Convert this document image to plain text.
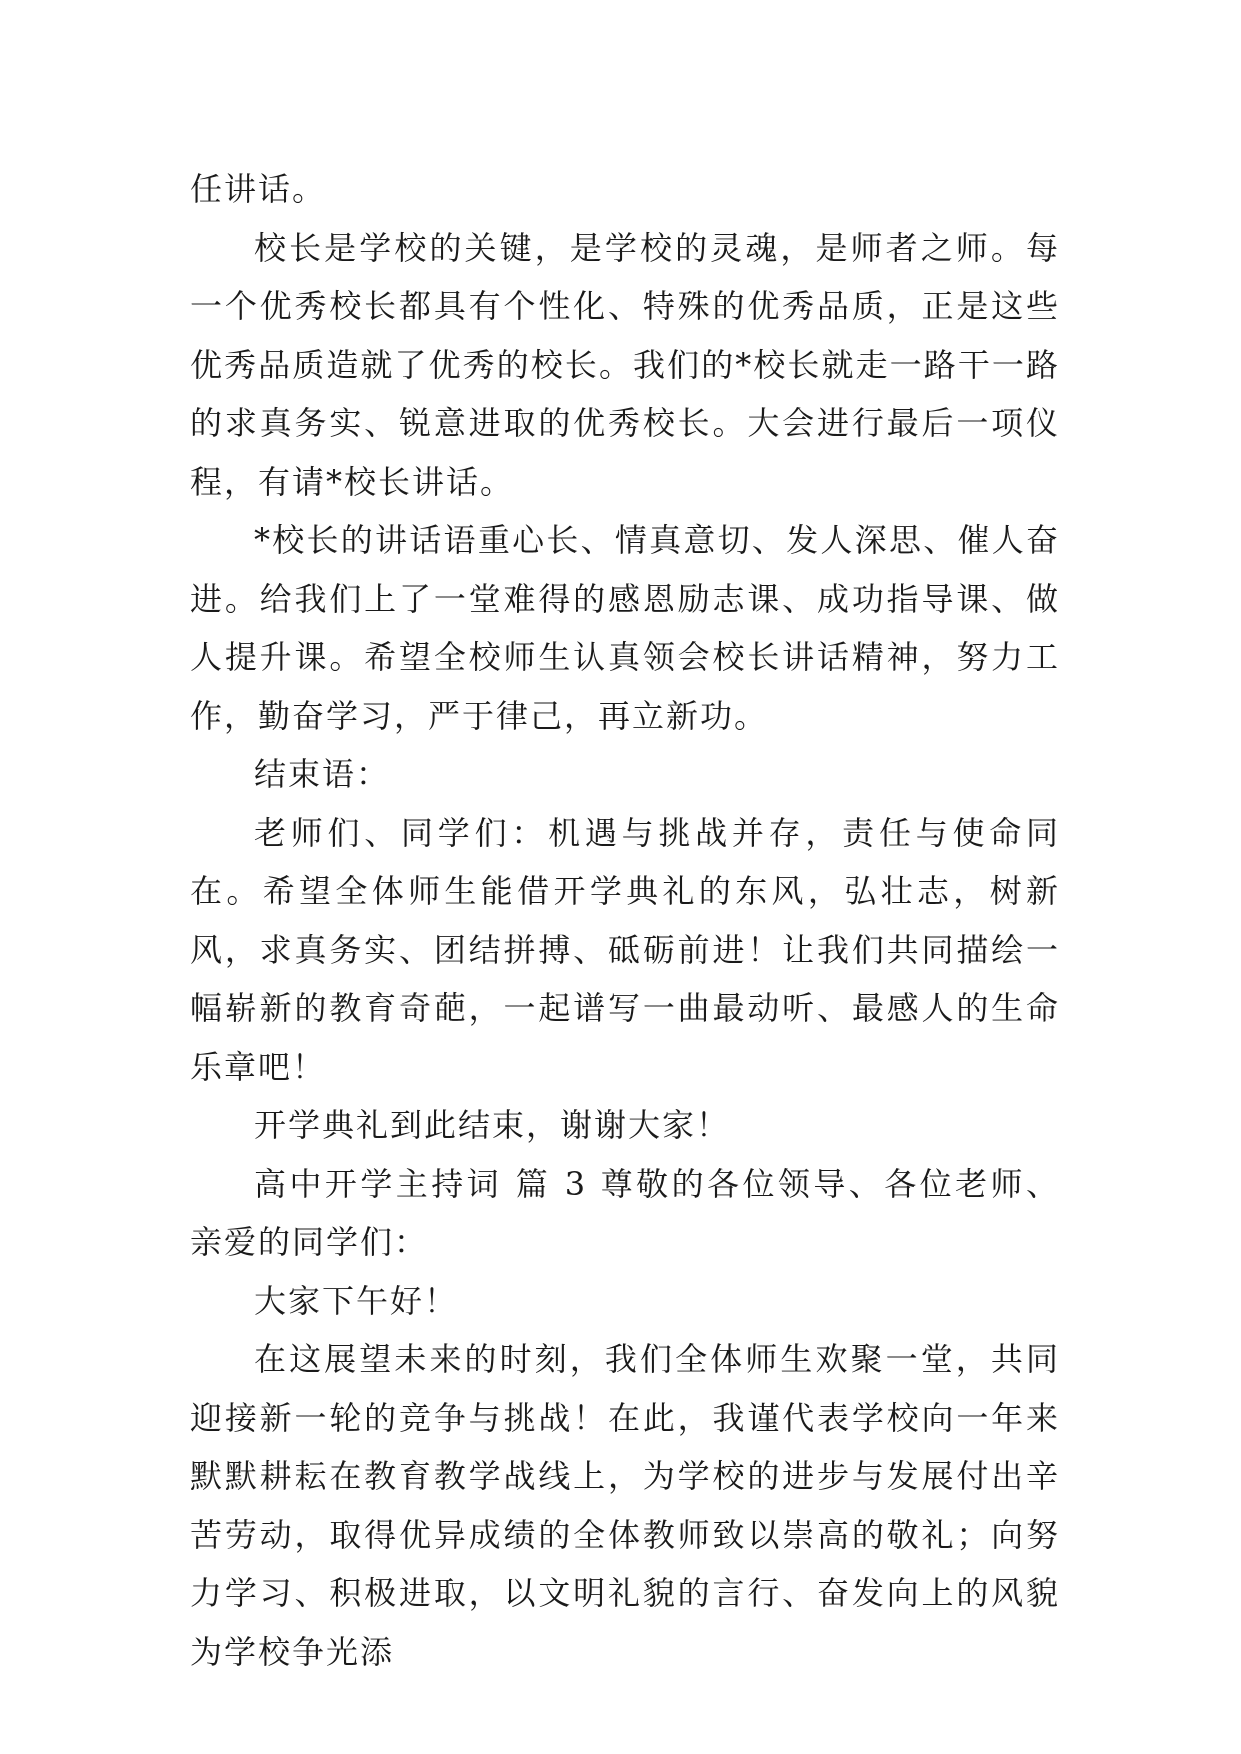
任讲话。

校长是学校的关键，是学校的灵魂，是师者之师。每一个优秀校长都具有个性化、特殊的优秀品质，正是这些优秀品质造就了优秀的校长。我们的*校长就走一路干一路的求真务实、锐意进取的优秀校长。大会进行最后一项仪程，有请*校长讲话。

*校长的讲话语重心长、情真意切、发人深思、催人奋进。给我们上了一堂难得的感恩励志课、成功指导课、做人提升课。希望全校师生认真领会校长讲话精神，努力工作，勤奋学习，严于律己，再立新功。

结束语：

老师们、同学们：机遇与挑战并存，责任与使命同在。希望全体师生能借开学典礼的东风，弘壮志，树新风，求真务实、团结拼搏、砥砺前进！让我们共同描绘一幅崭新的教育奇葩，一起谱写一曲最动听、最感人的生命乐章吧！

开学典礼到此结束，谢谢大家！

高中开学主持词 篇 3 尊敬的各位领导、各位老师、亲爱的同学们：

大家下午好！

在这展望未来的时刻，我们全体师生欢聚一堂，共同迎接新一轮的竞争与挑战！在此，我谨代表学校向一年来默默耕耘在教育教学战线上，为学校的进步与发展付出辛苦劳动，取得优异成绩的全体教师致以崇高的敬礼；向努力学习、积极进取，以文明礼貌的言行、奋发向上的风貌为学校争光添
